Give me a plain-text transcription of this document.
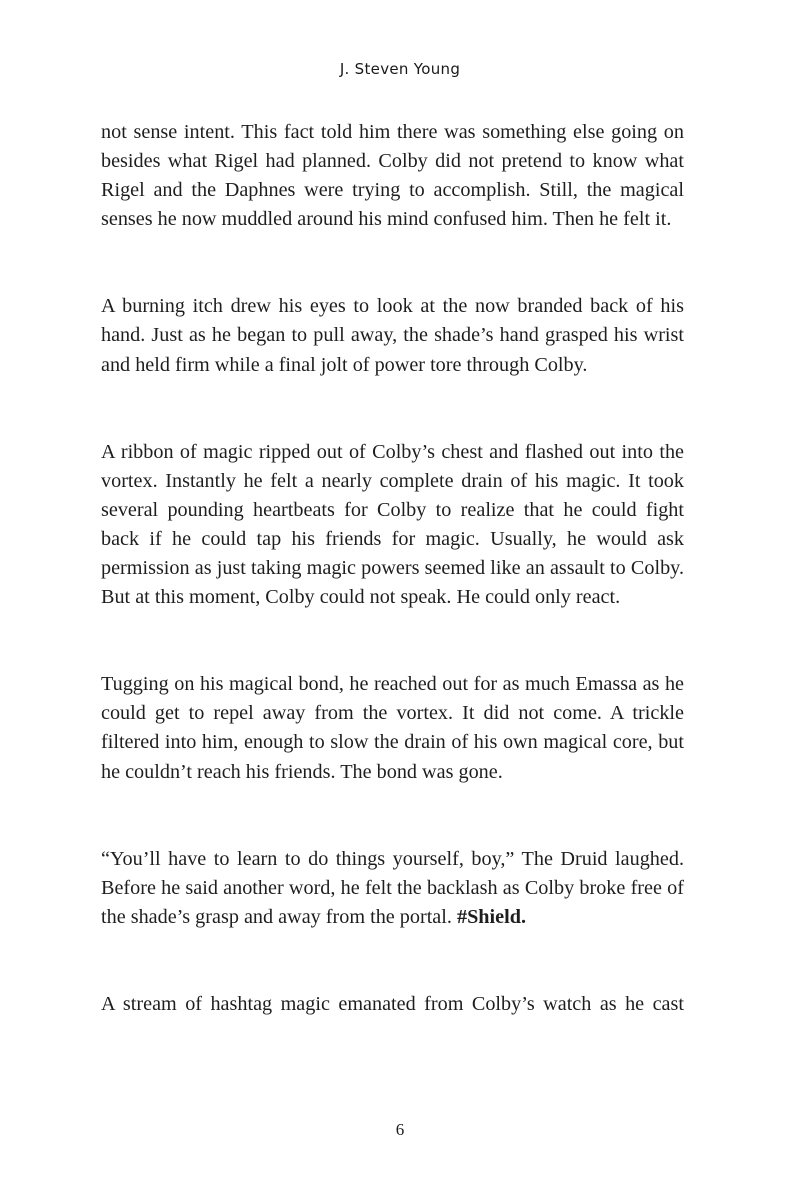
J. Steven Young

not sense intent. This fact told him there was something else going on besides what Rigel had planned. Colby did not pretend to know what Rigel and the Daphnes were trying to accomplish. Still, the magical senses he now muddled around his mind confused him. Then he felt it.

A burning itch drew his eyes to look at the now branded back of his hand. Just as he began to pull away, the shade’s hand grasped his wrist and held firm while a final jolt of power tore through Colby.

A ribbon of magic ripped out of Colby’s chest and flashed out into the vortex. Instantly he felt a nearly complete drain of his magic. It took several pounding heartbeats for Colby to realize that he could fight back if he could tap his friends for magic. Usually, he would ask permission as just taking magic powers seemed like an assault to Colby. But at this moment, Colby could not speak. He could only react.

Tugging on his magical bond, he reached out for as much Emassa as he could get to repel away from the vortex. It did not come. A trickle filtered into him, enough to slow the drain of his own magical core, but he couldn’t reach his friends. The bond was gone.

“You’ll have to learn to do things yourself, boy,” The Druid laughed. Before he said another word, he felt the backlash as Colby broke free of the shade’s grasp and away from the portal. #Shield.

A stream of hashtag magic emanated from Colby’s watch as he cast

6
